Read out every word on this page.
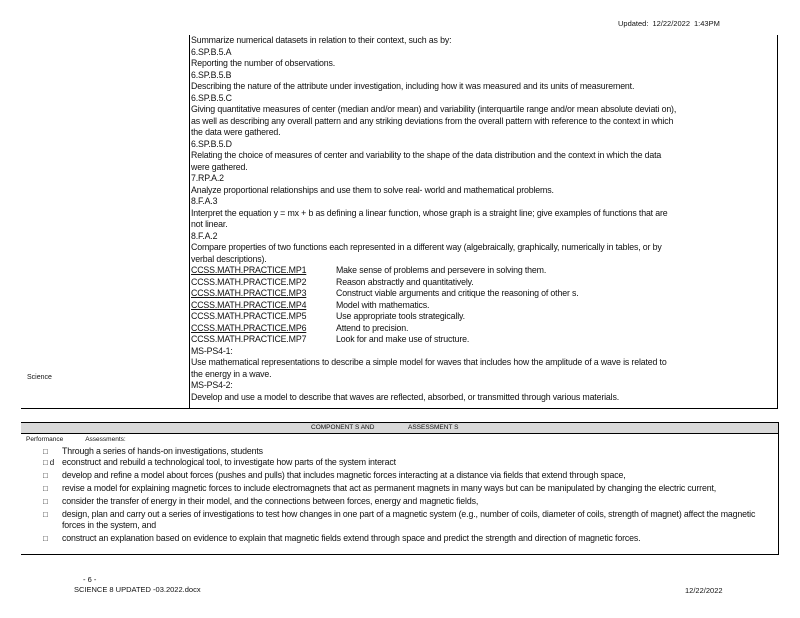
Updated: 12/22/2022 1:43PM
Science
Summarize numerical datasets in relation to their context, such as by:
6.SP.B.5.A
Reporting the number of observations.
6.SP.B.5.B
Describing the nature of the attribute under investigation, including how it was measured and its units of measurement.
6.SP.B.5.C
Giving quantitative measures of center (median and/or mean) and variability (interquartile range and/or mean absolute deviati on),
as well as describing any overall pattern and any striking deviations from the overall pattern with reference to the context in which
the data were gathered.
6.SP.B.5.D
Relating the choice of measures of center and variability to the shape of the data distribution and the context in which the data
were gathered.
7.RP.A.2
Analyze proportional relationships and use them to solve real- world and mathematical problems.
8.F.A.3
Interpret the equation y = mx + b as defining a linear function, whose graph is a straight line; give examples of functions that are
not linear.
8.F.A.2
Compare properties of two functions each represented in a different way (algebraically, graphically, numerically in tables, or by
verbal descriptions).
CCSS.MATH.PRACTICE.MP1	Make sense of problems and persevere in solving them.
CCSS.MATH.PRACTICE.MP2	Reason abstractly and quantitatively.
CCSS.MATH.PRACTICE.MP3	Construct viable arguments and critique the reasoning of other s.
CCSS.MATH.PRACTICE.MP4	Model with mathematics.
CCSS.MATH.PRACTICE.MP5	Use appropriate tools strategically.
CCSS.MATH.PRACTICE.MP6	Attend to precision.
CCSS.MATH.PRACTICE.MP7	Look for and make use of structure.
MS-PS4-1:
Use mathematical representations to describe a simple model for waves that includes how the amplitude of a wave is related to
the energy in a wave.
MS-PS4-2:
Develop and use a model to describe that waves are reflected, absorbed, or transmitted through various materials.
COMPONENT S AND	ASSESSMENT S
Performance	Assessments:
□ Through a series of hands-on investigations, students
□ d econstruct and rebuild a technological tool, to investigate how parts of the system interact
□ develop and refine a model about forces (pushes and pulls) that includes magnetic forces interacting at a distance via fields that extend through space,
□ revise a model for explaining magnetic forces to include electromagnets that act as permanent magnets in many ways but can be manipulated by changing the electric current,
□ consider the transfer of energy in their model, and the connections between forces, energy and magnetic fields,
□ design, plan and carry out a series of investigations to test how changes in one part of a magnetic system (e.g., number of coils, diameter of coils, strength of magnet) affect the magnetic forces in the system, and
□ construct an explanation based on evidence to explain that magnetic fields extend through space and predict the strength and direction of magnetic forces.
- 6 -
SCIENCE 8 UPDATED -03.2022.docx	12/22/2022
